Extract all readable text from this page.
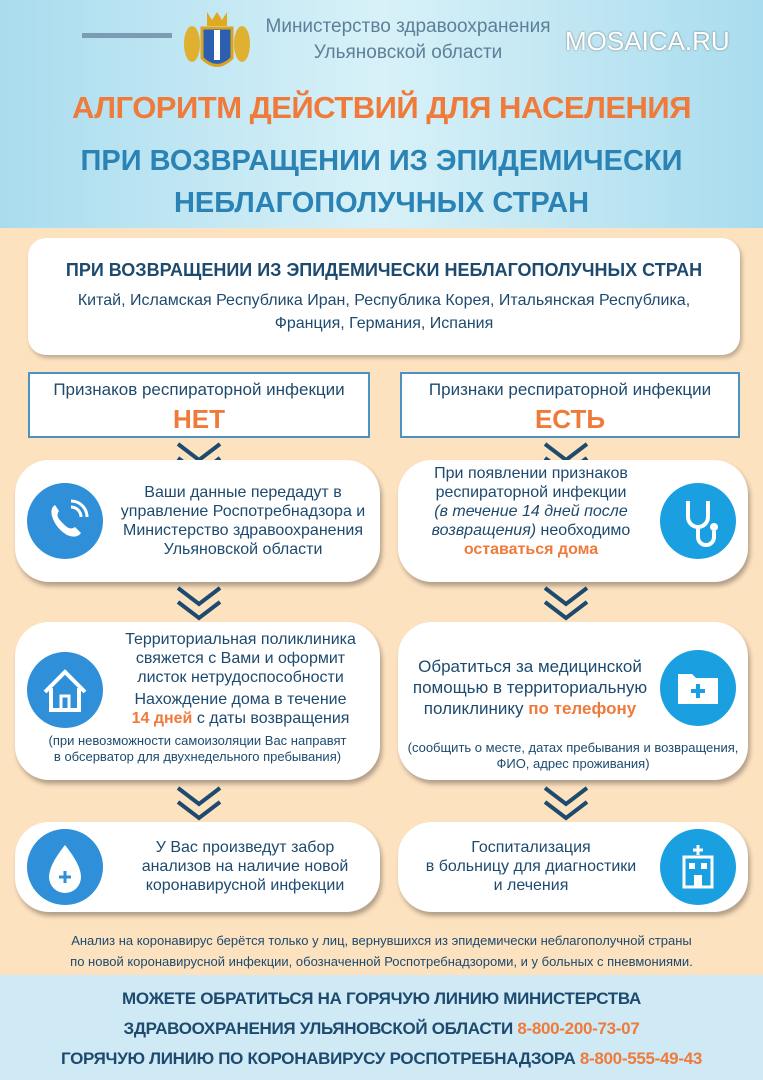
Министерство здравоохранения
Ульяновской области	MOSAICA.RU
АЛГОРИТМ ДЕЙСТВИЙ ДЛЯ НАСЕЛЕНИЯ
ПРИ ВОЗВРАЩЕНИИ ИЗ ЭПИДЕМИЧЕСКИ
НЕБЛАГОПОЛУЧНЫХ СТРАН
ПРИ ВОЗВРАЩЕНИИ ИЗ ЭПИДЕМИЧЕСКИ НЕБЛАГОПОЛУЧНЫХ СТРАН

Китай, Исламская Республика Иран, Республика Корея, Итальянская Республика,
Франция, Германия, Испания

Признаков респираторной инфекции
НЕТ
Признаки респираторной инфекции
ЕСТЬ
Ваши данные передадут в
управление Роспотребнадзора и
Министерство здравоохранения
Ульяновской области
При появлении признаков
респираторной инфекции
(в течение 14 дней после
возвращения) необходимо
оставаться дома
Территориальная поликлиника
свяжется с Вами и оформит
листок нетрудоспособности
Нахождение дома в течение
14 дней с даты возвращения
(при невозможности самоизоляции Вас направят
в обсерватор для двухнедельного пребывания)
Обратиться за медицинской
помощью в территориальную
поликлинику по телефону
(сообщить о месте, датах пребывания и возвращения,
ФИО, адрес проживания)
У Вас произведут забор
анализов на наличие новой
коронавирусной инфекции
Госпитализация
в больницу для диагностики
и лечения
Анализ на коронавирус берётся только у лиц, вернувшихся из эпидемически неблагополучной страны
по новой коронавирусной инфекции, обозначенной Роспотребнадзороми, и у больных с пневмониями.
МОЖЕТЕ ОБРАТИТЬСЯ НА ГОРЯЧУЮ ЛИНИЮ МИНИСТЕРСТВА
ЗДРАВООХРАНЕНИЯ УЛЬЯНОВСКОЙ ОБЛАСТИ 8-800-200-73-07
ГОРЯЧУЮ ЛИНИЮ ПО КОРОНАВИРУСУ РОСПОТРЕБНАДЗОРА 8-800-555-49-43
